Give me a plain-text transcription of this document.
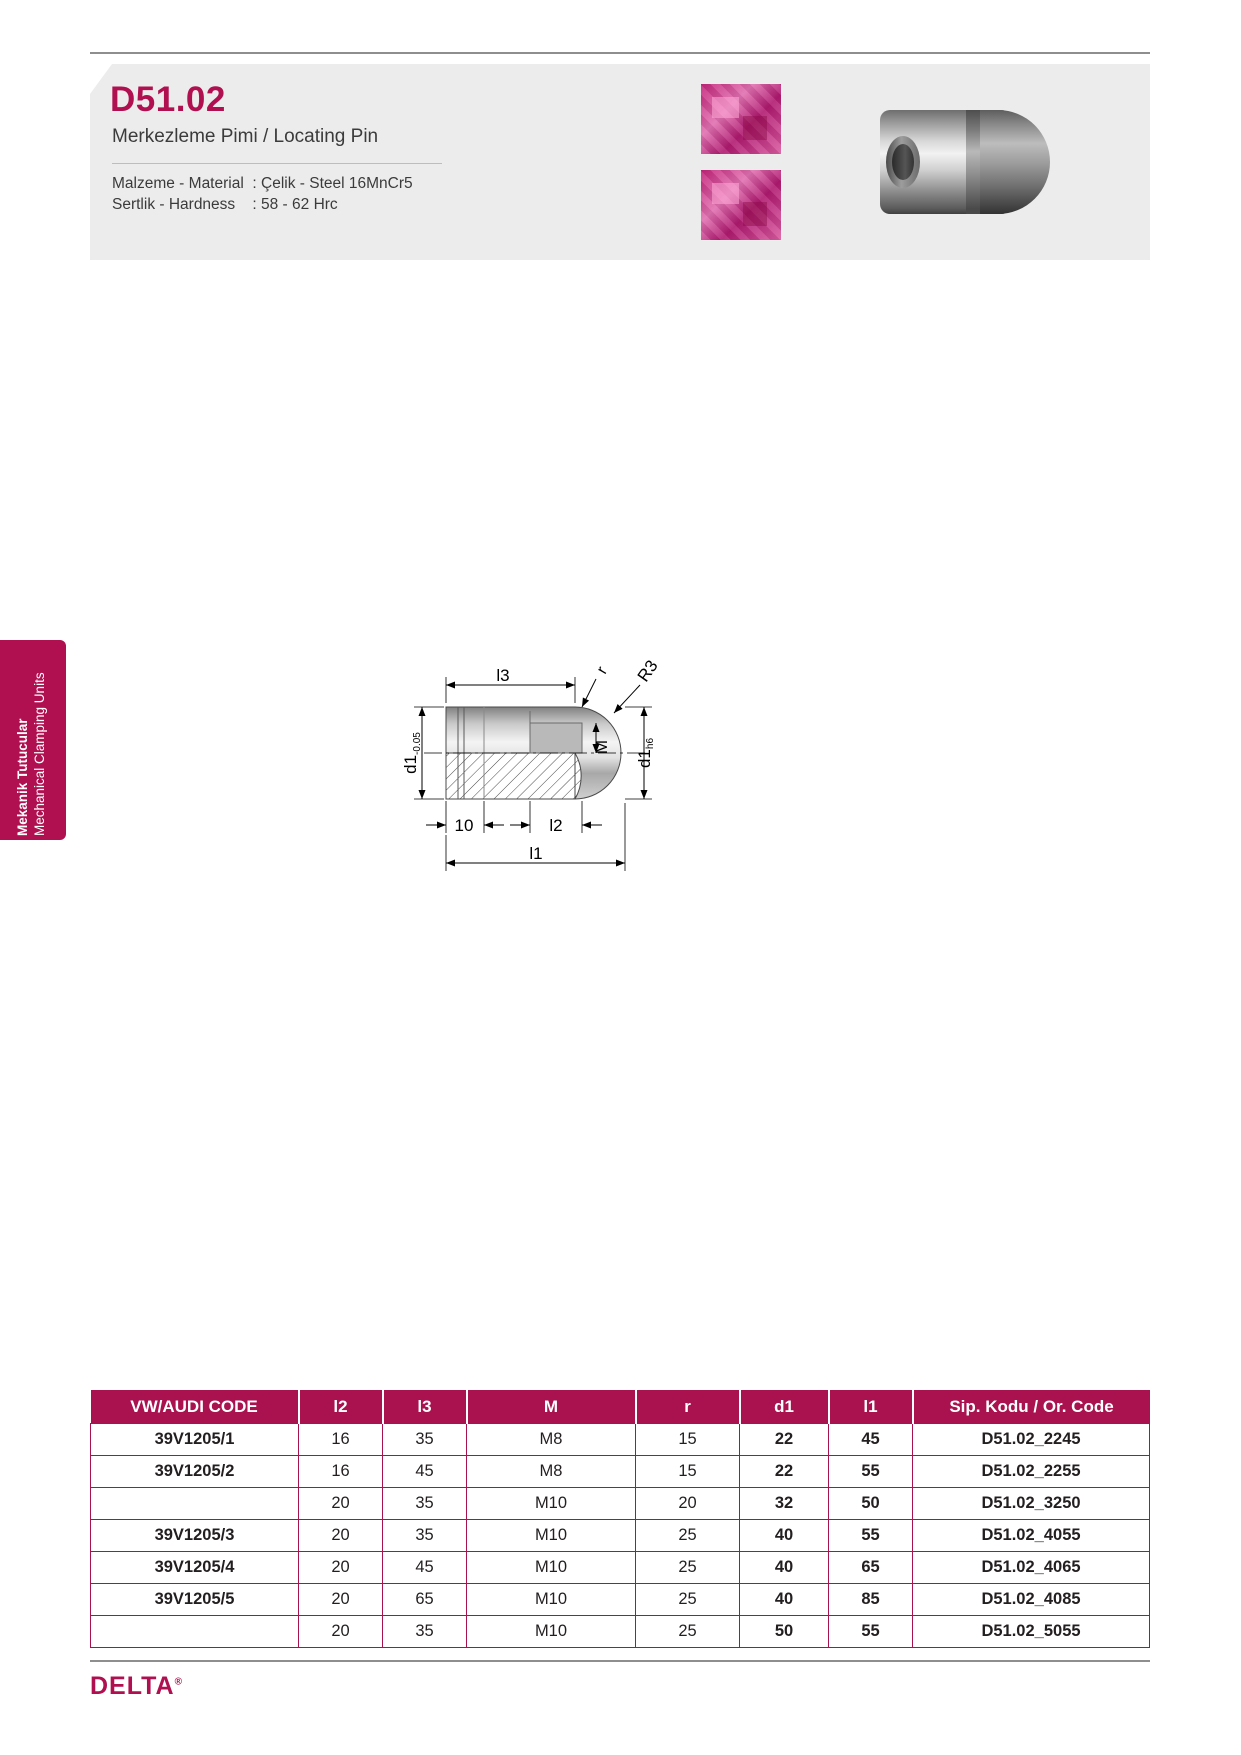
D51.02
Merkezleme Pimi / Locating Pin
Malzeme - Material  : Çelik - Steel 16MnCr5
Sertlik - Hardness    : 58 - 62 Hrc
Mekanik Tutucular Mechanical Clamping Units	l3	r R3
$d1_{-0.05}$	M
d1h6
10	l2
l1
VW/AUDI CODE	l2	l3	M	r	d1	l1	Sip. Kodu / Or. Code
39V1205/1	16	35	M8	15	22	45	D51.02_2245
39V1205/2	16	45	M8	15	22	55	D51.02_2255
	20	35	M10	20	32	50	D51.02_3250
39V1205/3	20	35	M10	25	40	55	D51.02_4055
39V1205/4	20	45	M10	25	40	65	D51.02_4065
39V1205/5	20	65	M10	25	40	85	D51.02_4085
	20	35	M10	25	50	55	D51.02_5055
DELTA®
